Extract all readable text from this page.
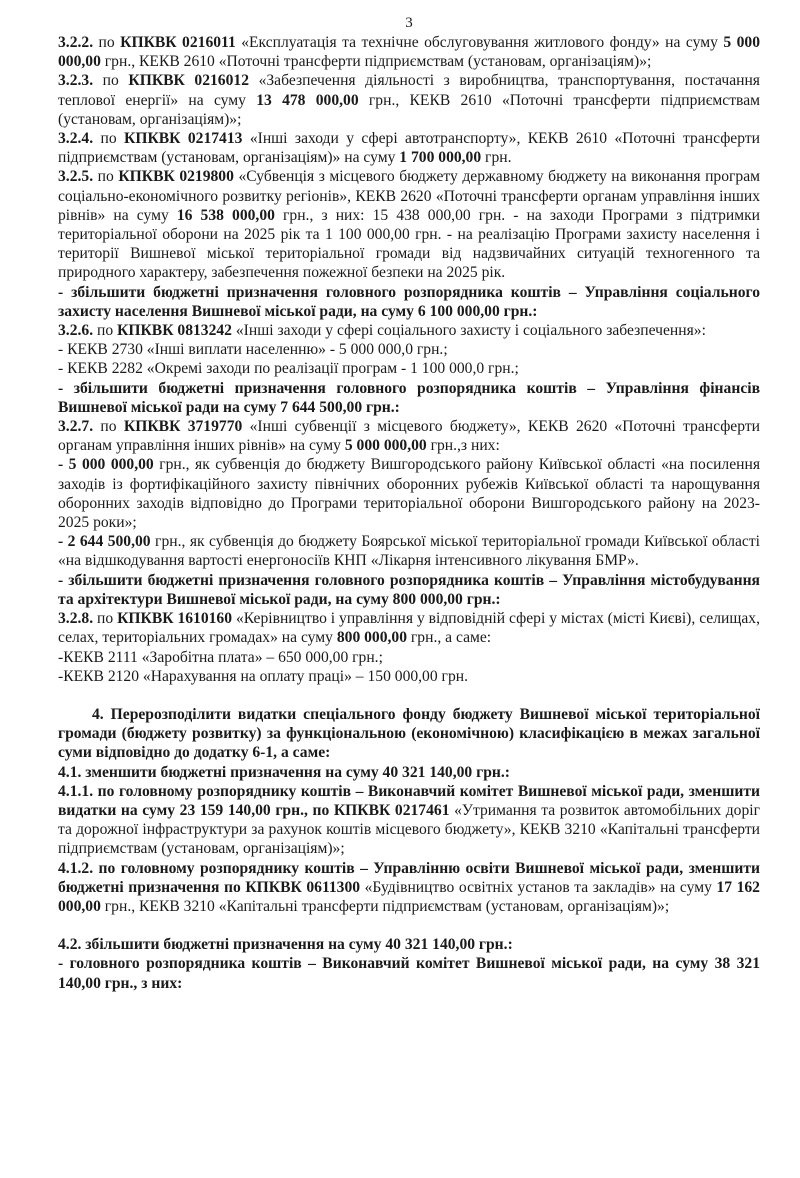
3

3.2.2. по КПКВК 0216011 «Експлуатація та технічне обслуговування житлового фонду» на суму 5 000 000,00 грн., КЕКВ 2610 «Поточні трансферти підприємствам (установам, організаціям)»;

3.2.3. по КПКВК 0216012 «Забезпечення діяльності з виробництва, транспортування, постачання теплової енергії» на суму 13 478 000,00 грн., КЕКВ 2610 «Поточні трансферти підприємствам (установам, організаціям)»;

3.2.4. по КПКВК 0217413 «Інші заходи у сфері автотранспорту», КЕКВ 2610 «Поточні трансферти підприємствам (установам, організаціям)» на суму 1 700 000,00 грн.

3.2.5. по КПКВК 0219800 «Субвенція з місцевого бюджету державному бюджету на виконання програм соціально-економічного розвитку регіонів», КЕКВ 2620 «Поточні трансферти органам управління інших рівнів» на суму 16 538 000,00 грн., з них: 15 438 000,00 грн. - на заходи Програми з підтримки територіальної оборони на 2025 рік та 1 100 000,00 грн. - на реалізацію Програми захисту населення і території Вишневої міської територіальної громади від надзвичайних ситуацій техногенного та природного характеру, забезпечення пожежної безпеки на 2025 рік.

- збільшити бюджетні призначення головного розпорядника коштів – Управління соціального захисту населення Вишневої міської ради, на суму 6 100 000,00 грн.:

3.2.6. по КПКВК 0813242 «Інші заходи у сфері соціального захисту і соціального забезпечення»:

- КЕКВ 2730 «Інші виплати населенню» - 5 000 000,0 грн.;

- КЕКВ 2282 «Окремі заходи по реалізації програм - 1 100 000,0 грн.;

- збільшити бюджетні призначення головного розпорядника коштів – Управління фінансів Вишневої міської ради на суму 7 644 500,00 грн.:

3.2.7. по КПКВК 3719770 «Інші субвенції з місцевого бюджету», КЕКВ 2620 «Поточні трансферти органам управління інших рівнів» на суму 5 000 000,00 грн.,з них:

- 5 000 000,00 грн., як субвенція до бюджету Вишгородського району Київської області «на посилення заходів із фортифікаційного захисту північних оборонних рубежів Київської області та нарощування оборонних заходів відповідно до Програми територіальної оборони Вишгородського району на 2023-2025 роки»;

- 2 644 500,00 грн., як субвенція до бюджету Боярської міської територіальної громади Київської області «на відшкодування вартості енергоносіїв КНП «Лікарня інтенсивного лікування БМР».

- збільшити бюджетні призначення головного розпорядника коштів – Управління містобудування та архітектури Вишневої міської ради, на суму 800 000,00 грн.:

3.2.8. по КПКВК 1610160 «Керівництво і управління у відповідній сфері у містах (місті Києві), селищах, селах, територіальних громадах» на суму 800 000,00 грн., а саме:

-КЕКВ 2111 «Заробітна плата» – 650 000,00 грн.;

-КЕКВ 2120 «Нарахування на оплату праці» – 150 000,00 грн.

4. Перерозподілити видатки спеціального фонду бюджету Вишневої міської територіальної громади (бюджету розвитку) за функціональною (економічною) класифікацією в межах загальної суми відповідно до додатку 6-1, а саме:

4.1. зменшити бюджетні призначення на суму 40 321 140,00 грн.:

4.1.1. по головному розпоряднику коштів – Виконавчий комітет Вишневої міської ради, зменшити видатки на суму 23 159 140,00 грн., по КПКВК 0217461 «Утримання та розвиток автомобільних доріг та дорожної інфраструктури за рахунок коштів місцевого бюджету», КЕКВ 3210 «Капітальні трансферти підприємствам (установам, організаціям)»;

4.1.2. по головному розпоряднику коштів – Управлінню освіти Вишневої міської ради, зменшити бюджетні призначення по КПКВК 0611300 «Будівництво освітніх установ та закладів» на суму 17 162 000,00 грн., КЕКВ 3210 «Капітальні трансферти підприємствам (установам, організаціям)»;

4.2. збільшити бюджетні призначення на суму 40 321 140,00 грн.:

- головного розпорядника коштів – Виконавчий комітет Вишневої міської ради, на суму 38 321 140,00 грн., з них:
